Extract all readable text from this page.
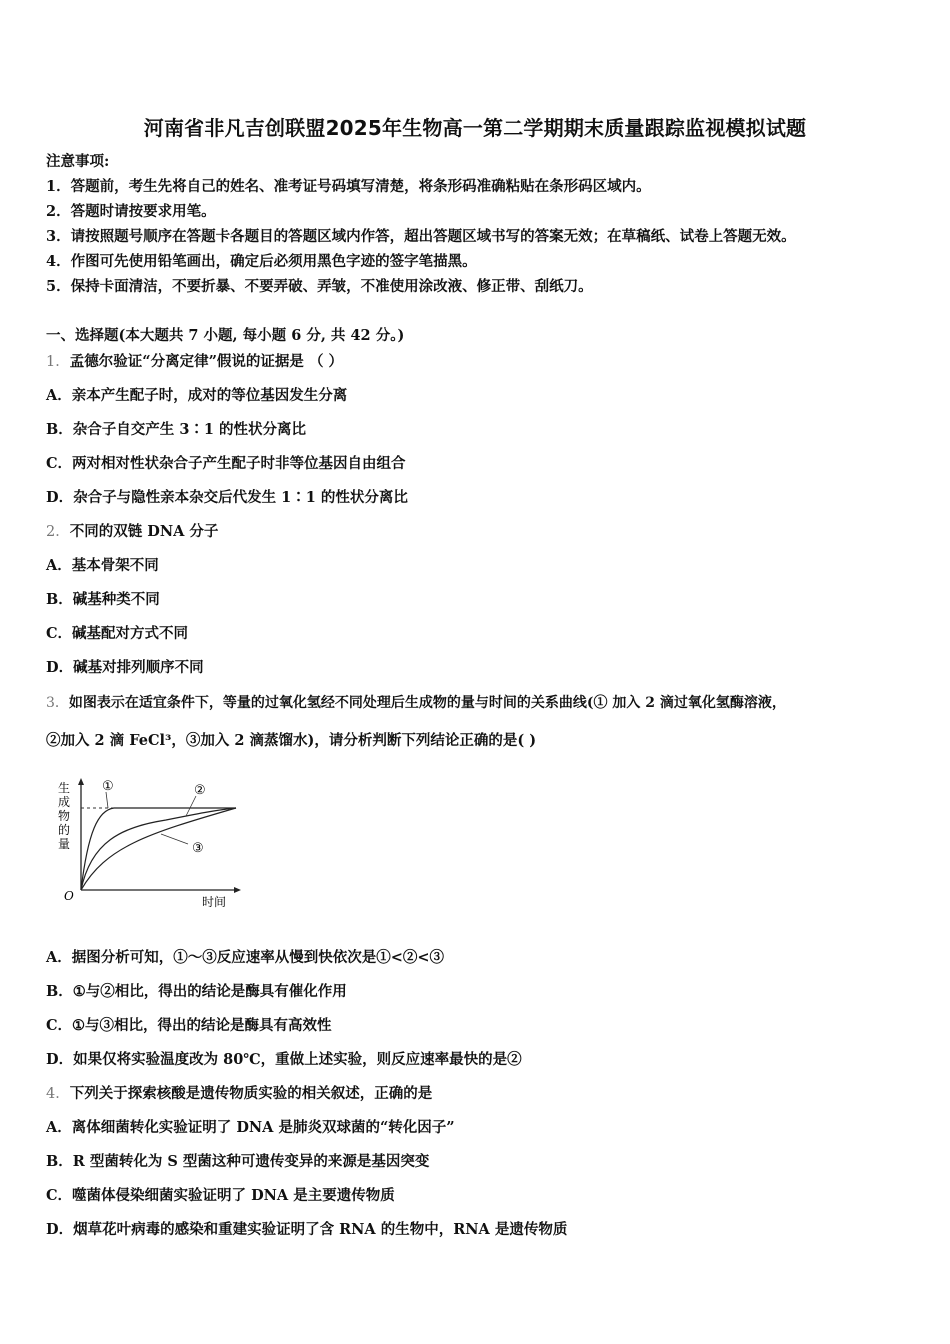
河南省非凡吉创联盟2025年生物高一第二学期期末质量跟踪监视模拟试题
注意事项:
1．答题前，考生先将自己的姓名、准考证号码填写清楚，将条形码准确粘贴在条形码区域内。
2．答题时请按要求用笔。
3．请按照题号顺序在答题卡各题目的答题区域内作答，超出答题区域书写的答案无效；在草稿纸、试卷上答题无效。
4．作图可先使用铅笔画出，确定后必须用黑色字迹的签字笔描黑。
5．保持卡面清洁，不要折暴、不要弄破、弄皱，不准使用涂改液、修正带、刮纸刀。
一、选择题(本大题共 7 小题, 每小题 6 分, 共 42 分。)
1．孟德尔验证“分离定律”假说的证据是 （ ）
A．亲本产生配子时，成对的等位基因发生分离
B．杂合子自交产生 3∶1 的性状分离比
C．两对相对性状杂合子产生配子时非等位基因自由组合
D．杂合子与隐性亲本杂交后代发生 1∶1 的性状分离比
2．不同的双链 DNA 分子
A．基本骨架不同
B．碱基种类不同
C．碱基配对方式不同
D．碱基对排列顺序不同
3．如图表示在适宜条件下，等量的过氧化氢经不同处理后生成物的量与时间的关系曲线(① 加入 2 滴过氧化氢酶溶液，
②加入 2 滴 FeCl³，③加入 2 滴蒸馏水)，请分析判断下列结论正确的是( )
生
成
物
的
量
O	时间
①	②
③
A．据图分析可知，①～③反应速率从慢到快依次是①<②<③
B．①与②相比，得出的结论是酶具有催化作用
C．①与③相比，得出的结论是酶具有高效性
D．如果仅将实验温度改为 80℃，重做上述实验，则反应速率最快的是②
4．下列关于探索核酸是遗传物质实验的相关叙述，正确的是
A．离体细菌转化实验证明了 DNA 是肺炎双球菌的“转化因子”
B．R 型菌转化为 S 型菌这种可遗传变异的来源是基因突变
C．噬菌体侵染细菌实验证明了 DNA 是主要遗传物质
D．烟草花叶病毒的感染和重建实验证明了含 RNA 的生物中，RNA 是遗传物质
